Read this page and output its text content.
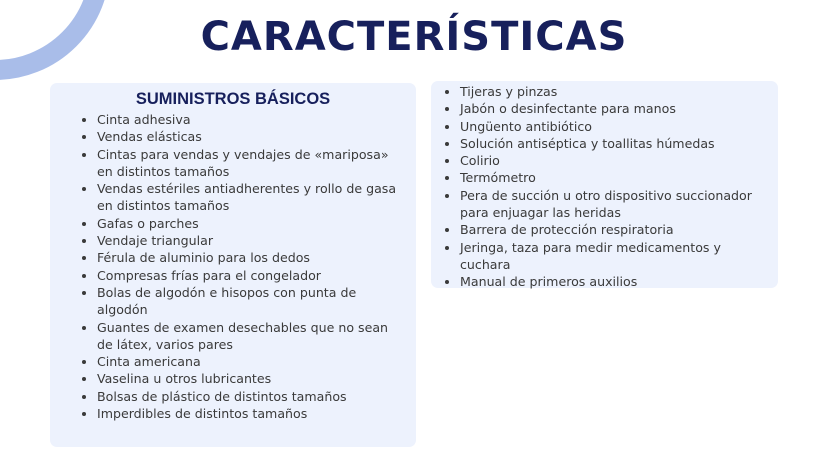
CARACTERÍSTICAS
SUMINISTROS BÁSICOS
• Cinta adhesiva
• Vendas elásticas
• Cintas para vendas y vendajes de «mariposa» en distintos tamaños
• Vendas estériles antiadherentes y rollo de gasa en distintos tamaños
• Gafas o parches
• Vendaje triangular
• Férula de aluminio para los dedos
• Compresas frías para el congelador
• Bolas de algodón e hisopos con punta de algodón
• Guantes de examen desechables que no sean de látex, varios pares
• Cinta americana
• Vaselina u otros lubricantes
• Bolsas de plástico de distintos tamaños
• Imperdibles de distintos tamaños
• Tijeras y pinzas
• Jabón o desinfectante para manos
• Ungüento antibiótico
• Solución antiséptica y toallitas húmedas
• Colirio
• Termómetro
• Pera de succión u otro dispositivo succionador para enjuagar las heridas
• Barrera de protección respiratoria
• Jeringa, taza para medir medicamentos y cuchara
• Manual de primeros auxilios
